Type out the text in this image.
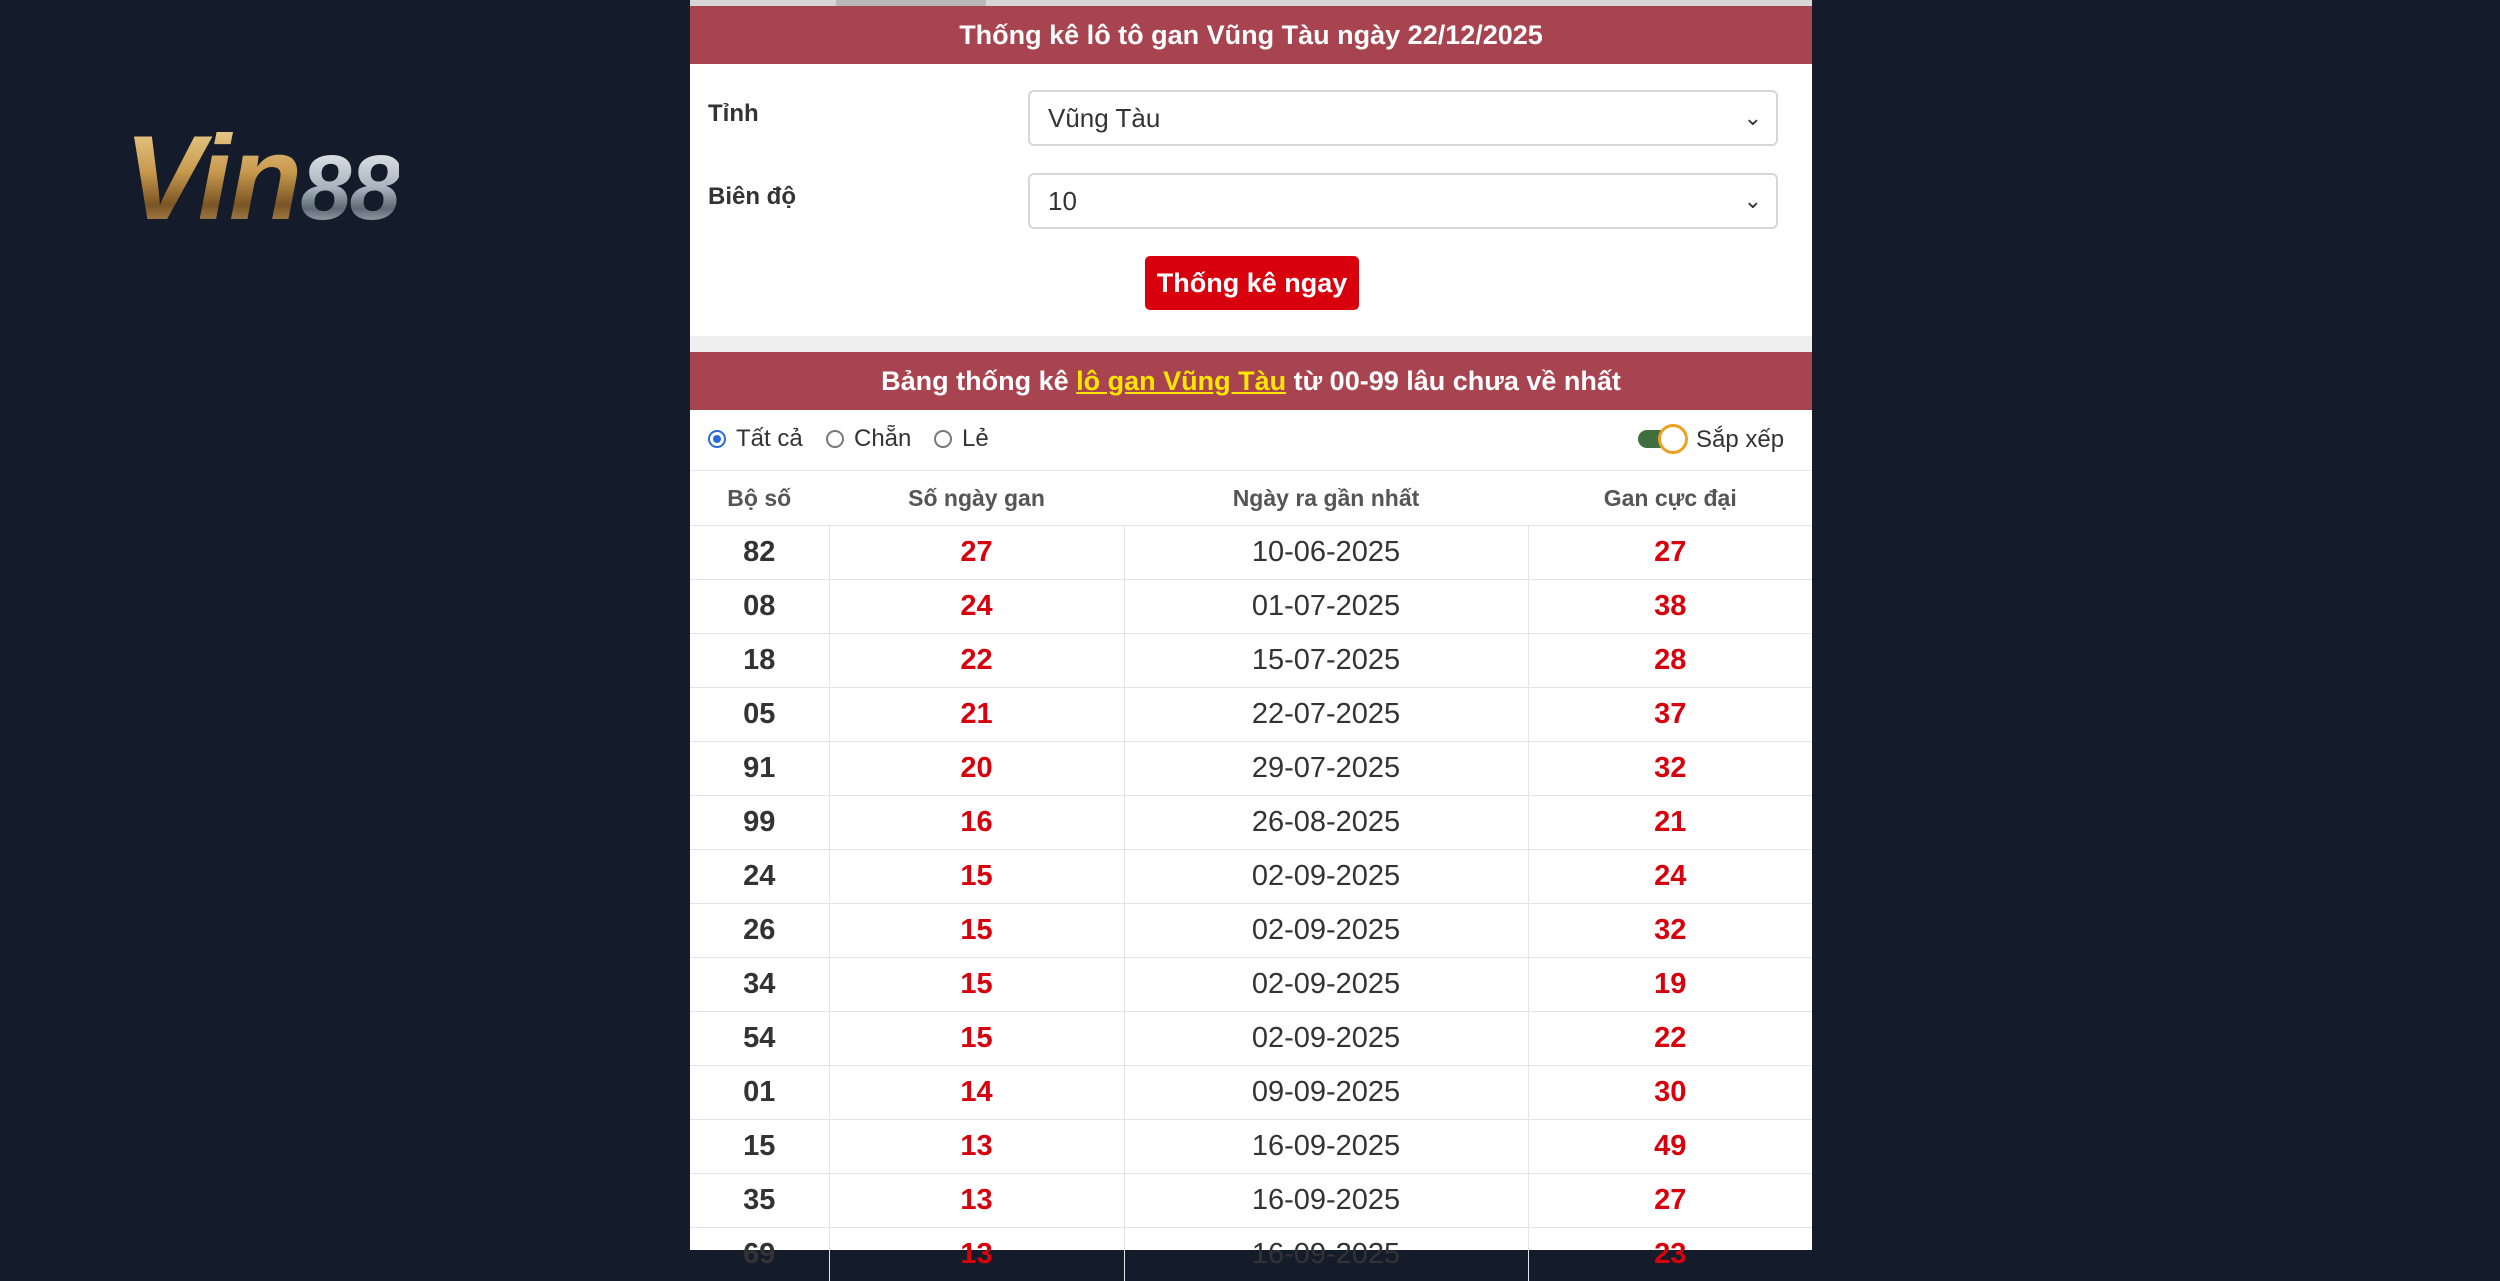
Vin88
Thống kê lô tô gan Vũng Tàu ngày 22/12/2025
Tỉnh	Vũng Tàu	⌄
Biên độ	10	⌄
Thống kê ngay
Bảng thống kê lô gan Vũng Tàu từ 00-99 lâu chưa về nhất
Tất cả Chẵn Lẻ	Sắp xếp
Bộ số	Số ngày gan	Ngày ra gần nhất	Gan cực đại
82	27	10-06-2025	27
08	24	01-07-2025	38
18	22	15-07-2025	28
05	21	22-07-2025	37
91	20	29-07-2025	32
99	16	26-08-2025	21
24	15	02-09-2025	24
26	15	02-09-2025	32
34	15	02-09-2025	19
54	15	02-09-2025	22
01	14	09-09-2025	30
15	13	16-09-2025	49
35	13	16-09-2025	27
69	13	16-09-2025	23
